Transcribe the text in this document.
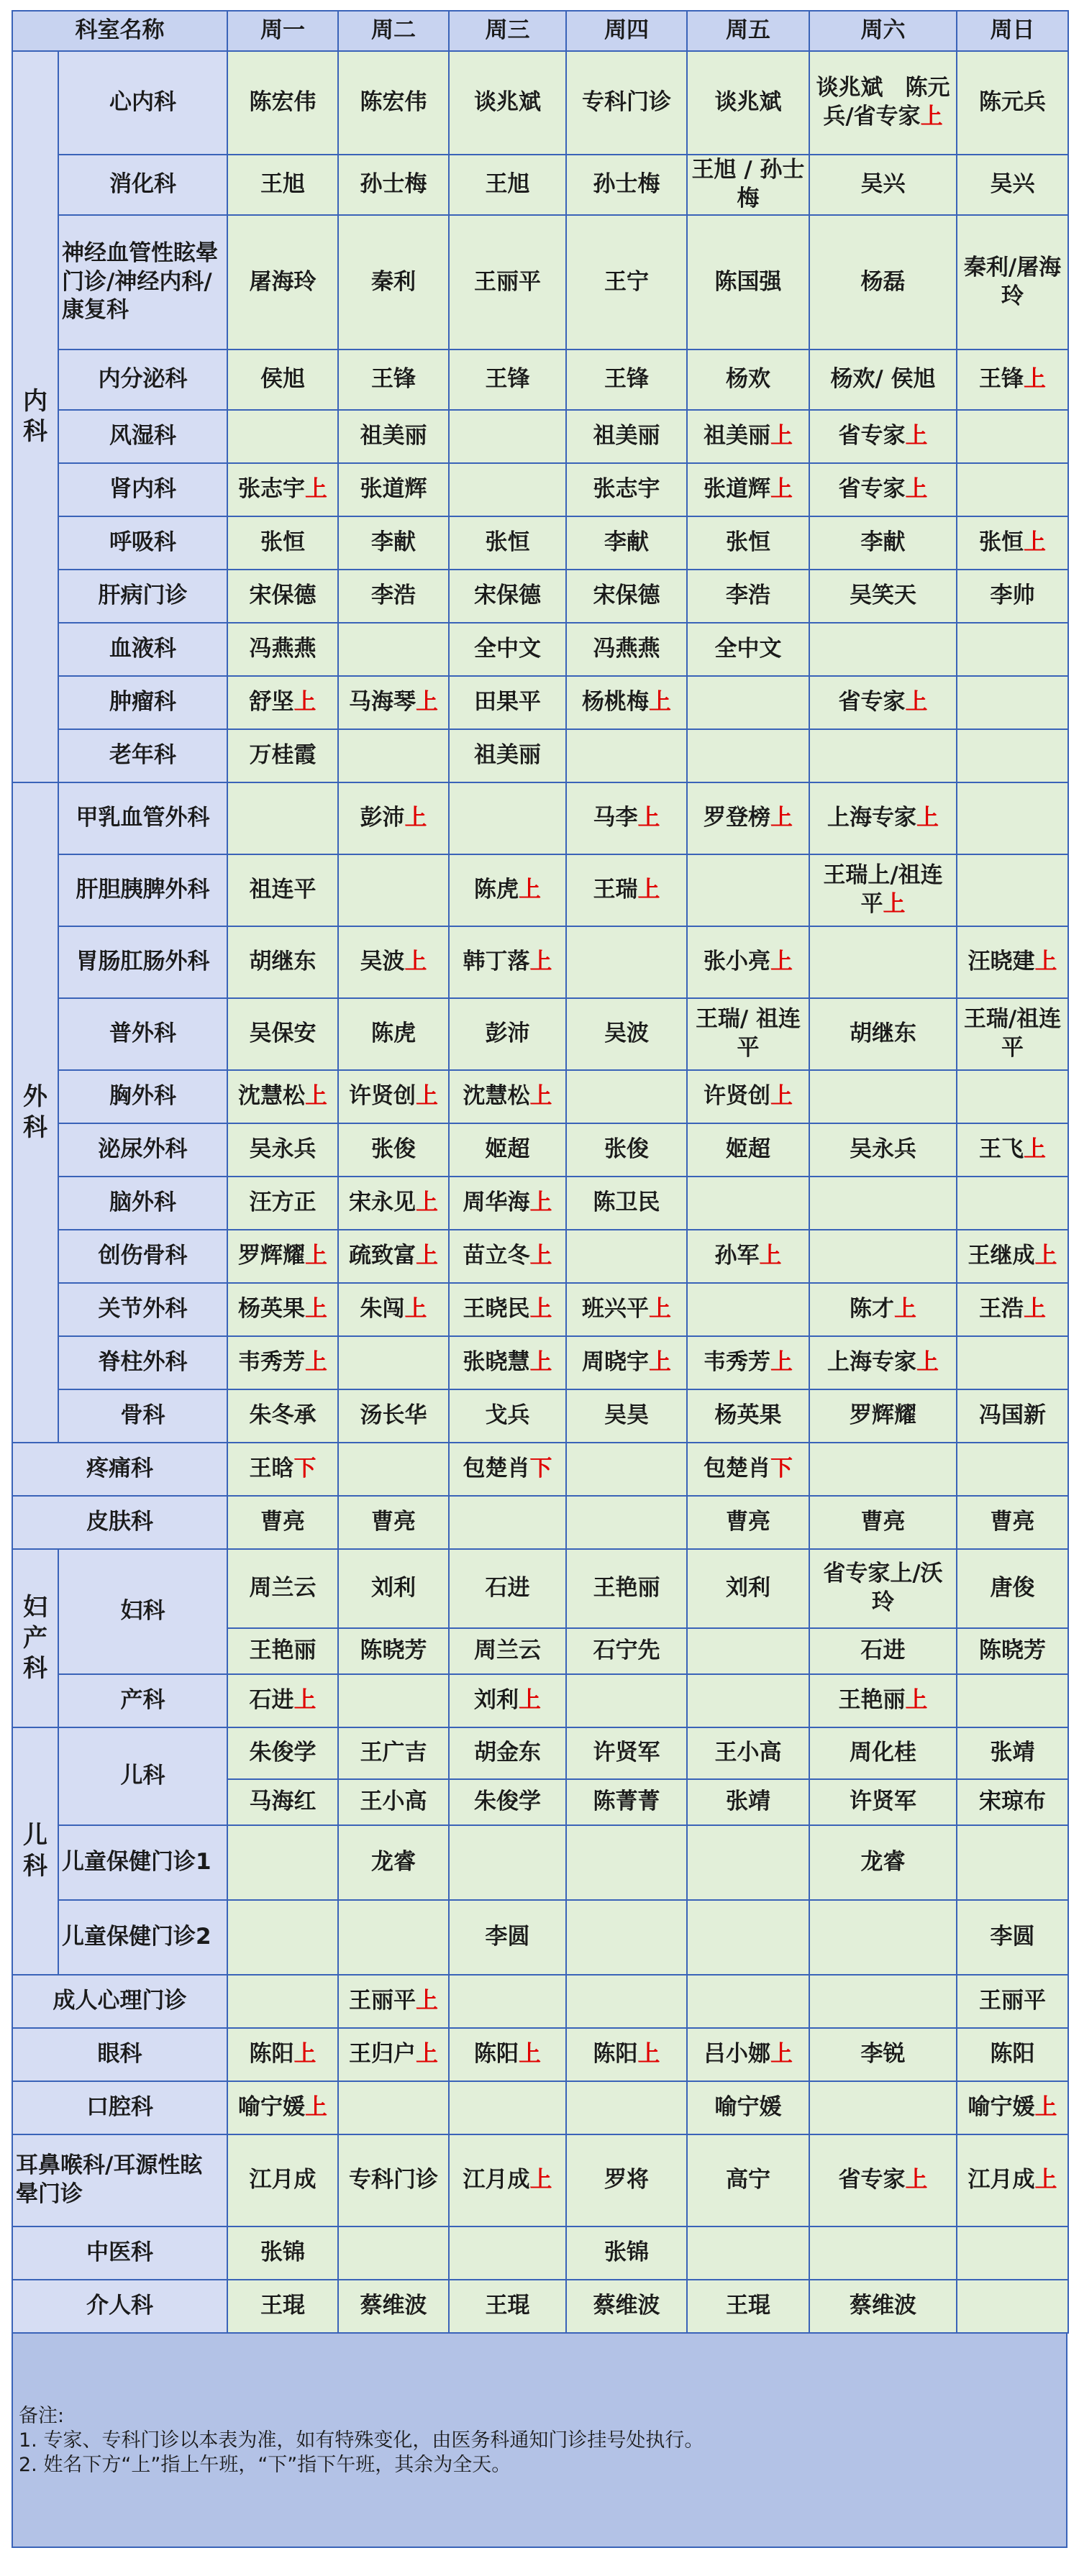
科室名称		周一	周二	周三	周四	周五	周六	周日
内科	心内科	陈宏伟	陈宏伟	谈兆斌	专科门诊	谈兆斌	谈兆斌　陈元兵/省专家上	陈元兵
	消化科	王旭	孙士梅	王旭	孙士梅	王旭 / 孙士梅	吴兴	吴兴
	神经血管性眩晕门诊/神经内科/康复科	屠海玲	秦利	王丽平	王宁	陈国强	杨磊	秦利/屠海玲
	内分泌科	侯旭	王锋	王锋	王锋	杨欢	杨欢/ 侯旭	王锋上
	风湿科		祖美丽		祖美丽	祖美丽上	省专家上	
	肾内科	张志宇上	张道辉		张志宇	张道辉上	省专家上	
	呼吸科	张恒	李献	张恒	李献	张恒	李献	张恒上
	肝病门诊	宋保德	李浩	宋保德	宋保德	李浩	吴笑天	李帅
	血液科	冯燕燕		全中文	冯燕燕	全中文		
	肿瘤科	舒坚上	马海琴上	田果平	杨桃梅上		省专家上	
	老年科	万桂霞		祖美丽				
外科	甲乳血管外科		彭沛上		马李上	罗登榜上	上海专家上	
	肝胆胰脾外科	祖连平		陈虎上	王瑞上		王瑞上/祖连平上	
	胃肠肛肠外科	胡继东	吴波上	韩丁落上		张小亮上		汪晓建上
	普外科	吴保安	陈虎	彭沛	吴波	王瑞/ 祖连平	胡继东	王瑞/祖连平
	胸外科	沈慧松上	许贤创上	沈慧松上		许贤创上		
	泌尿外科	吴永兵	张俊	姬超	张俊	姬超	吴永兵	王飞上
	脑外科	汪方正	宋永见上	周华海上	陈卫民			
	创伤骨科	罗辉耀上	疏致富上	苗立冬上		孙军上		王继成上
	关节外科	杨英果上	朱闯上	王晓民上	班兴平上		陈才上	王浩上
	脊柱外科	韦秀芳上		张晓慧上	周晓宇上	韦秀芳上	上海专家上	
	骨科	朱冬承	汤长华	戈兵	吴昊	杨英果	罗辉耀	冯国新
疼痛科		王晗下		包楚肖下		包楚肖下		
皮肤科		曹亮	曹亮			曹亮	曹亮	曹亮
妇产科	妇科	周兰云	刘利	石进	王艳丽	刘利	省专家上/沃玲	唐俊
		王艳丽	陈晓芳	周兰云	石宁先		石进	陈晓芳
	产科	石进上		刘利上			王艳丽上	
儿科	儿科	朱俊学	王广吉	胡金东	许贤军	王小高	周化桂	张靖
		马海红	王小高	朱俊学	陈菁菁	张靖	许贤军	宋琼布
	儿童保健门诊1		龙睿				龙睿	
	儿童保健门诊2			李圆				李圆
成人心理门诊			王丽平上					王丽平
眼科		陈阳上	王归户上	陈阳上	陈阳上	吕小娜上	李锐	陈阳
口腔科		喻宁媛上				喻宁媛		喻宁媛上
耳鼻喉科/耳源性眩晕门诊		江月成	专科门诊	江月成上	罗将	高宁	省专家上	江月成上
中医科		张锦			张锦			
介人科		王琨	蔡维波	王琨	蔡维波	王琨	蔡维波	
备注:
1. 专家、专科门诊以本表为准，如有特殊变化，由医务科通知门诊挂号处执行。
2. 姓名下方“上”指上午班，“下”指下午班，其余为全天。
